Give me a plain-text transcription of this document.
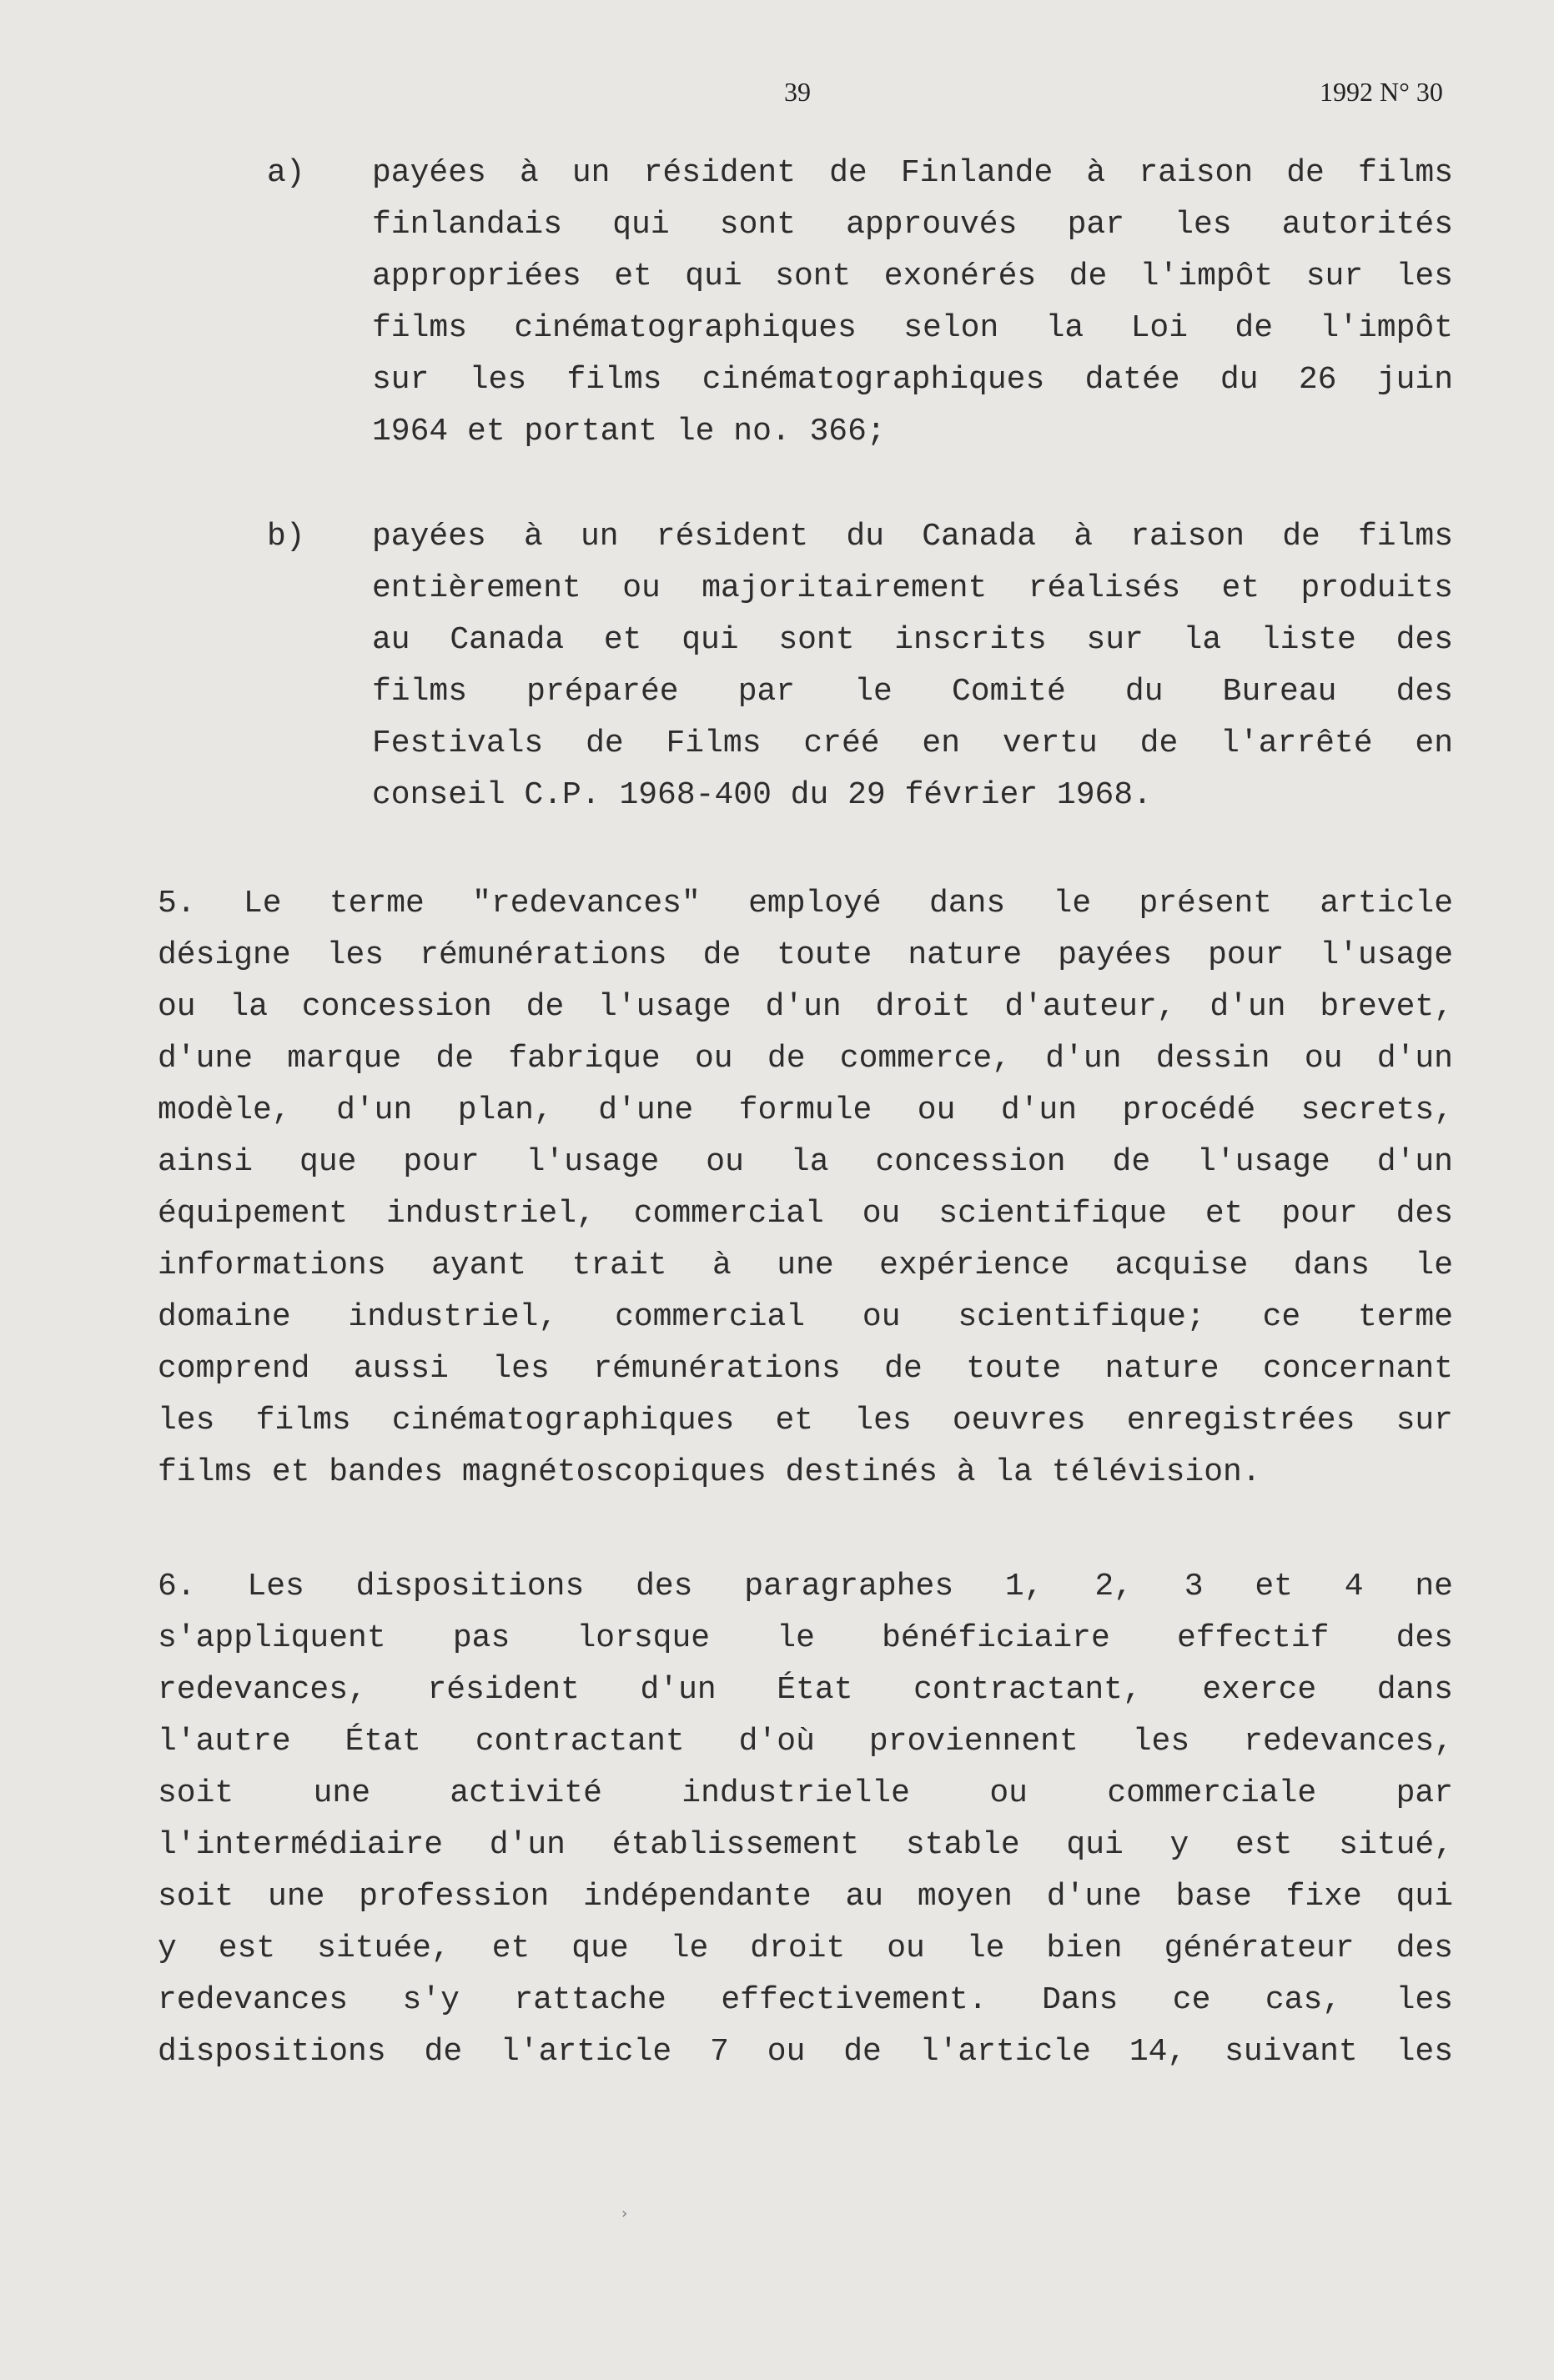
39	1992 N° 30
a) payées à un résident de Finlande à raison de films
finlandais qui sont approuvés par les autorités
appropriées et qui sont exonérés de l'impôt sur les
films cinématographiques selon la Loi de l'impôt
sur les films cinématographiques datée du 26 juin
1964 et portant le no. 366;
b) payées à un résident du Canada à raison de films
entièrement ou majoritairement réalisés et produits
au Canada et qui sont inscrits sur la liste des
films préparée par le Comité du Bureau des
Festivals de Films créé en vertu de l'arrêté en
conseil C.P. 1968-400 du 29 février 1968.
5. Le terme "redevances" employé dans le présent article
désigne les rémunérations de toute nature payées pour l'usage
ou la concession de l'usage d'un droit d'auteur, d'un brevet,
d'une marque de fabrique ou de commerce, d'un dessin ou d'un
modèle, d'un plan, d'une formule ou d'un procédé secrets,
ainsi que pour l'usage ou la concession de l'usage d'un
équipement industriel, commercial ou scientifique et pour des
informations ayant trait à une expérience acquise dans le
domaine industriel, commercial ou scientifique; ce terme
comprend aussi les rémunérations de toute nature concernant
les films cinématographiques et les oeuvres enregistrées sur
films et bandes magnétoscopiques destinés à la télévision.
6. Les dispositions des paragraphes 1, 2, 3 et 4 ne
s'appliquent pas lorsque le bénéficiaire effectif des
redevances, résident d'un État contractant, exerce dans
l'autre État contractant d'où proviennent les redevances,
soit une activité industrielle ou commerciale par
l'intermédiaire d'un établissement stable qui y est situé,
soit une profession indépendante au moyen d'une base fixe qui
y est située, et que le droit ou le bien générateur des
redevances s'y rattache effectivement. Dans ce cas, les
dispositions de l'article 7 ou de l'article 14, suivant les
›
